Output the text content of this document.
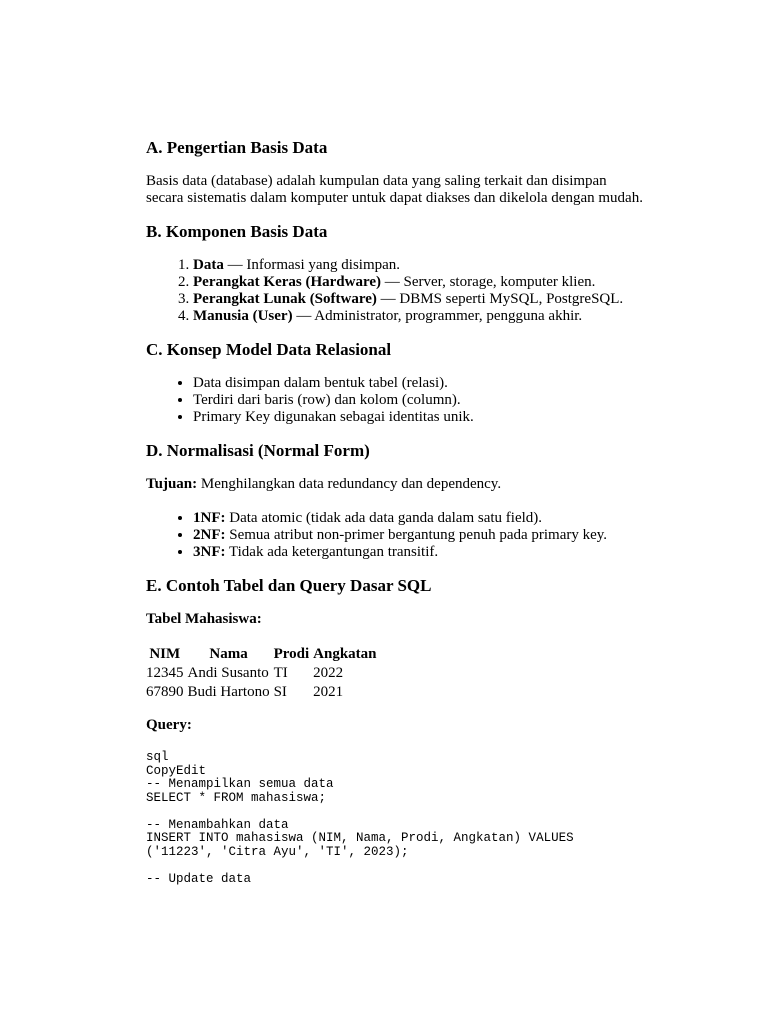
A. Pengertian Basis Data

Basis data (database) adalah kumpulan data yang saling terkait dan disimpan secara sistematis dalam komputer untuk dapat diakses dan dikelola dengan mudah.

B. Komponen Basis Data
1. Data — Informasi yang disimpan.
2. Perangkat Keras (Hardware) — Server, storage, komputer klien.
3. Perangkat Lunak (Software) — DBMS seperti MySQL, PostgreSQL.
4. Manusia (User) — Administrator, programmer, pengguna akhir.
C. Konsep Model Data Relasional
• Data disimpan dalam bentuk tabel (relasi).
• Terdiri dari baris (row) dan kolom (column).
• Primary Key digunakan sebagai identitas unik.
D. Normalisasi (Normal Form)

Tujuan: Menghilangkan data redundancy dan dependency.

• 1NF: Data atomic (tidak ada data ganda dalam satu field).
• 2NF: Semua atribut non-primer bergantung penuh pada primary key.
• 3NF: Tidak ada ketergantungan transitif.
E. Contoh Tabel dan Query Dasar SQL

Tabel Mahasiswa:

NIM	Nama	Prodi	Angkatan
12345	Andi Susanto	TI	2022
67890	Budi Hartono	SI	2021

Query:

sql
CopyEdit
-- Menampilkan semua data
SELECT * FROM mahasiswa;

-- Menambahkan data
INSERT INTO mahasiswa (NIM, Nama, Prodi, Angkatan) VALUES
('11223', 'Citra Ayu', 'TI', 2023);

-- Update data
